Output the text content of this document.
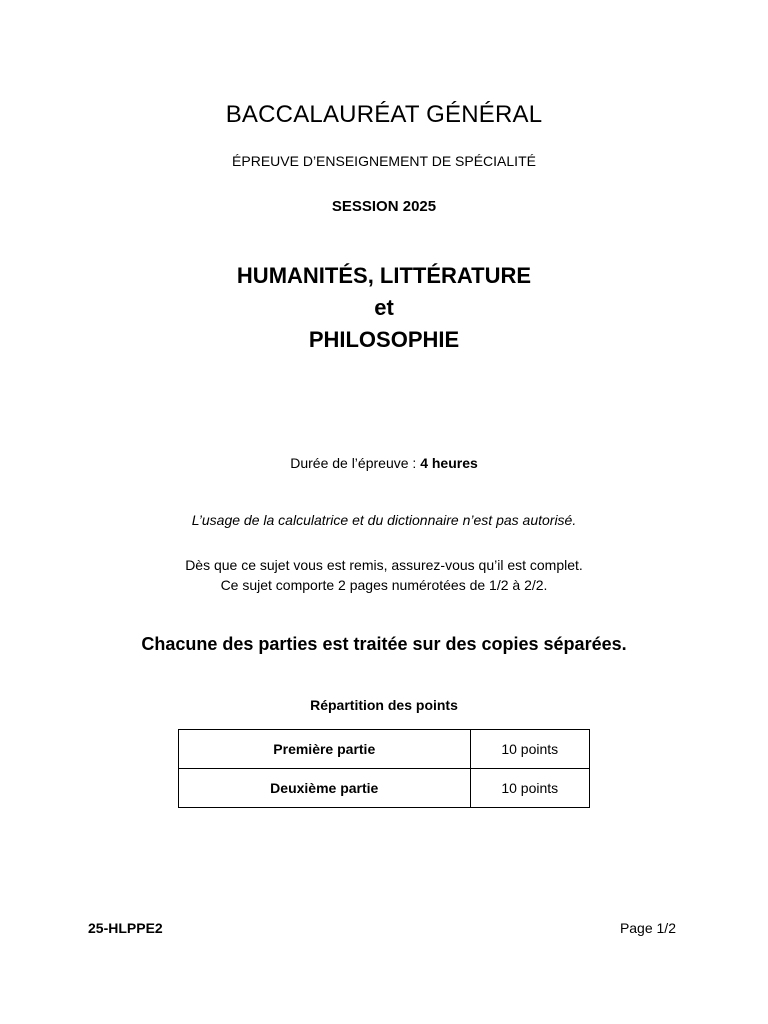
BACCALAURÉAT GÉNÉRAL
ÉPREUVE D’ENSEIGNEMENT DE SPÉCIALITÉ
SESSION 2025
HUMANITÉS, LITTÉRATURE
et
PHILOSOPHIE
Durée de l’épreuve : 4 heures
L’usage de la calculatrice et du dictionnaire n’est pas autorisé.
Dès que ce sujet vous est remis, assurez-vous qu’il est complet.
Ce sujet comporte 2 pages numérotées de 1/2 à 2/2.
Chacune des parties est traitée sur des copies séparées.
Répartition des points
Première partie	10 points
Deuxième partie	10 points
25-HLPPE2	Page 1/2
